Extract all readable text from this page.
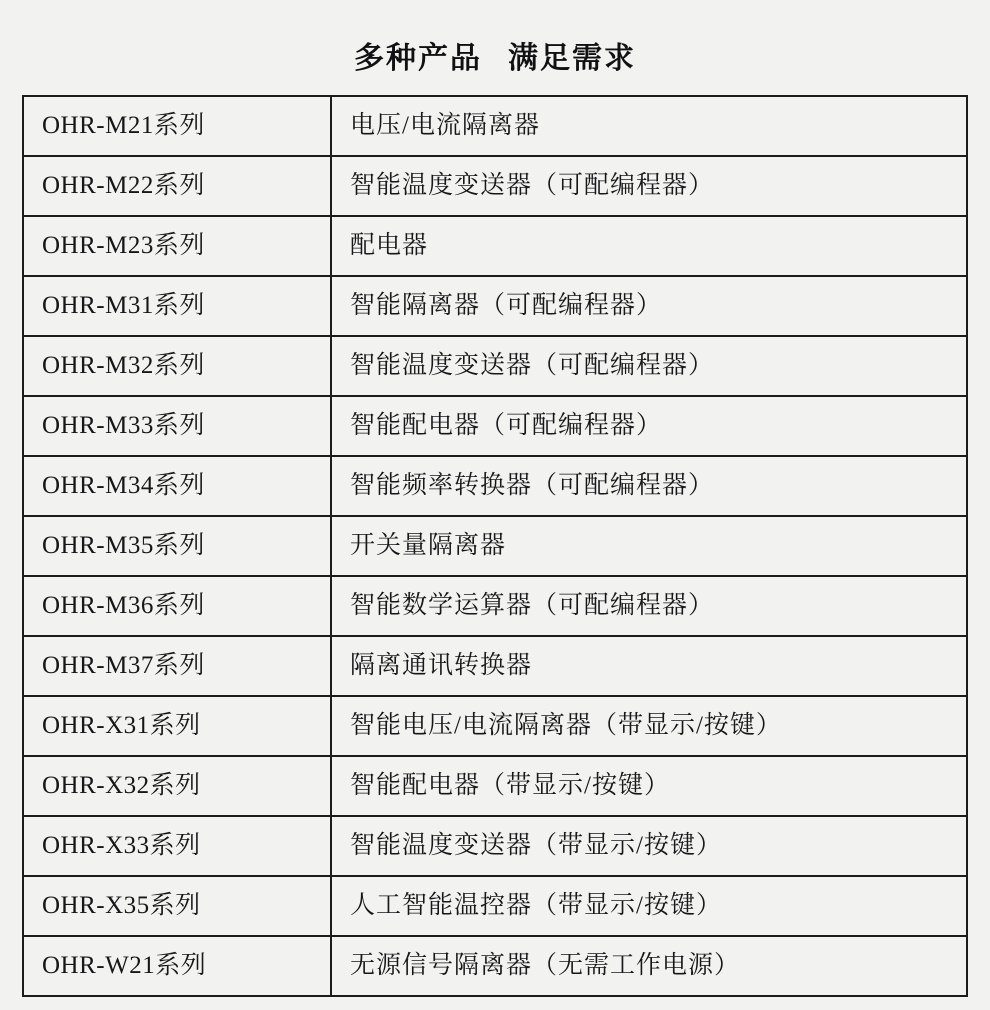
多种产品 满足需求
OHR-M21系列	电压/电流隔离器
OHR-M22系列	智能温度变送器（可配编程器）
OHR-M23系列	配电器
OHR-M31系列	智能隔离器（可配编程器）
OHR-M32系列	智能温度变送器（可配编程器）
OHR-M33系列	智能配电器（可配编程器）
OHR-M34系列	智能频率转换器（可配编程器）
OHR-M35系列	开关量隔离器
OHR-M36系列	智能数学运算器（可配编程器）
OHR-M37系列	隔离通讯转换器
OHR-X31系列	智能电压/电流隔离器（带显示/按键）
OHR-X32系列	智能配电器（带显示/按键）
OHR-X33系列	智能温度变送器（带显示/按键）
OHR-X35系列	人工智能温控器（带显示/按键）
OHR-W21系列	无源信号隔离器（无需工作电源）
